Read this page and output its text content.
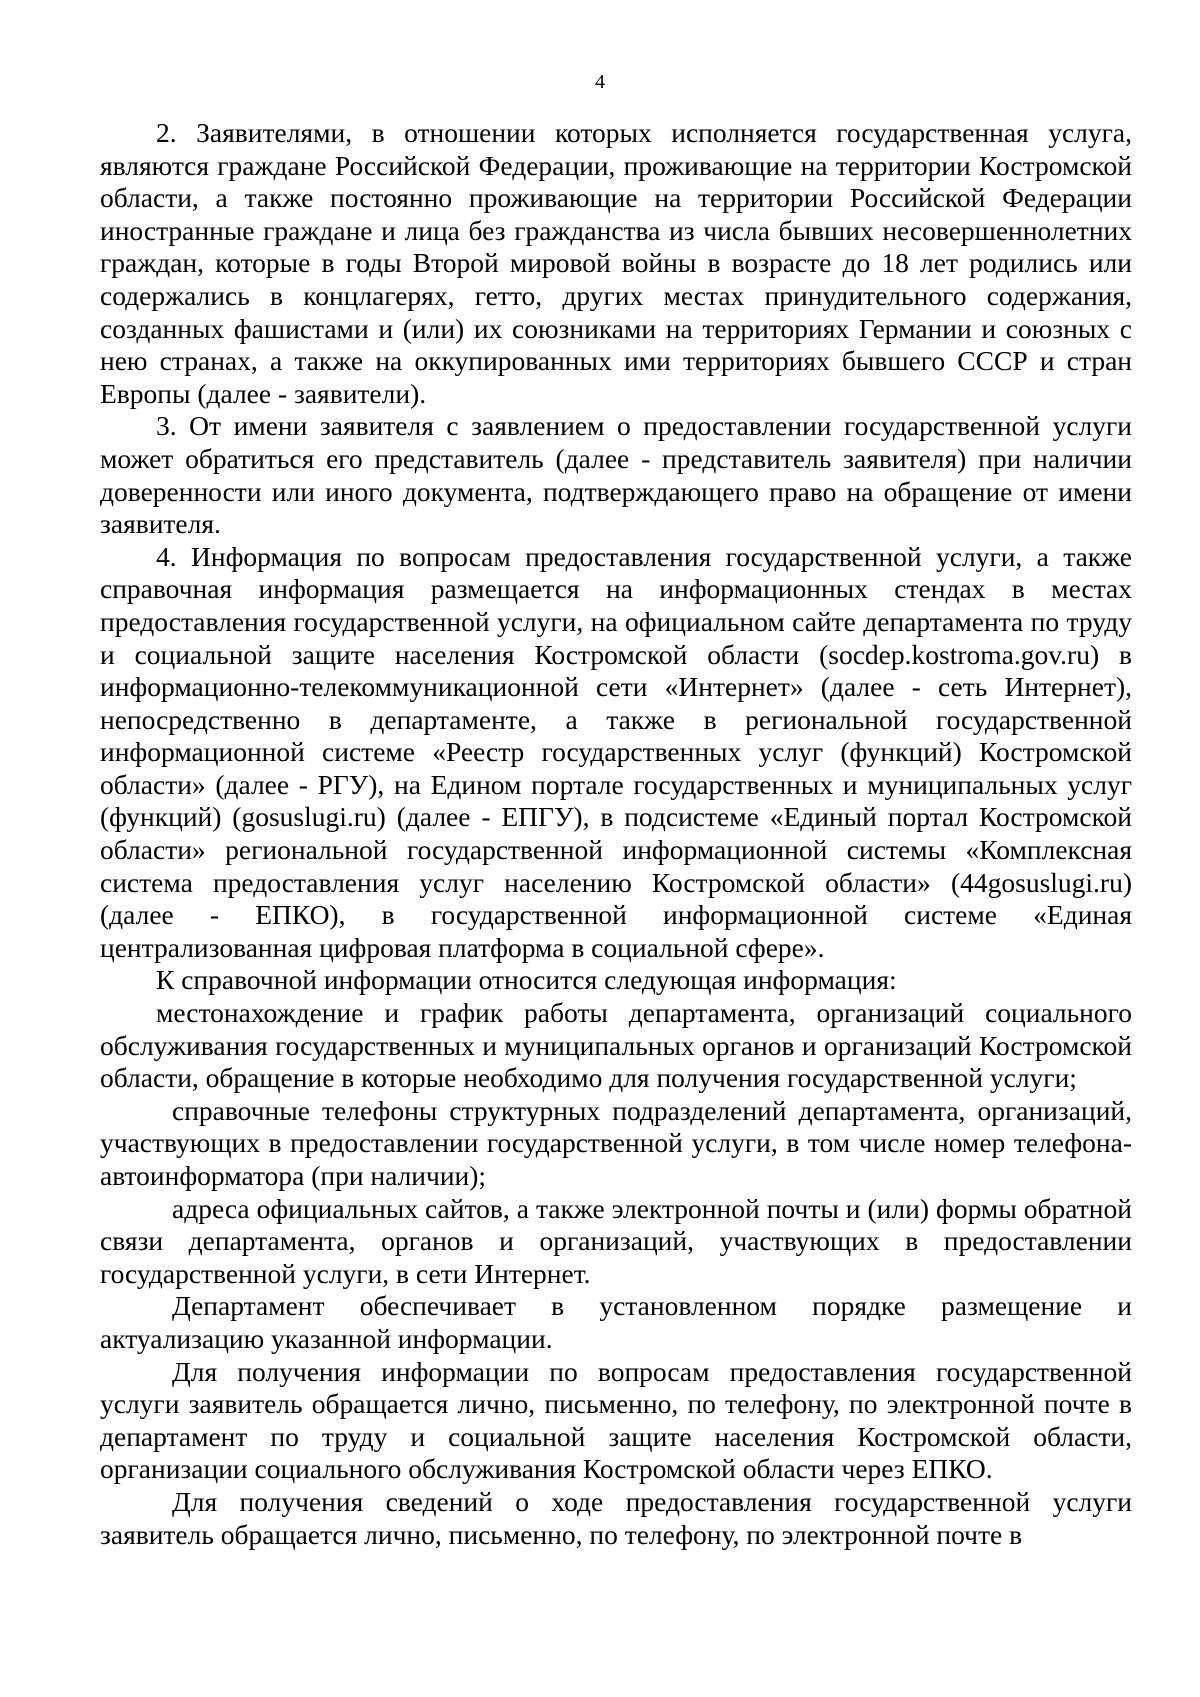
4

2. Заявителями, в отношении которых исполняется государственная услуга, являются граждане Российской Федерации, проживающие на территории Костромской области, а также постоянно проживающие на территории Российской Федерации иностранные граждане и лица без гражданства из числа бывших несовершеннолетних граждан, которые в годы Второй мировой войны в возрасте до 18 лет родились или содержались в концлагерях, гетто, других местах принудительного содержания, созданных фашистами и (или) их союзниками на территориях Германии и союзных с нею странах, а также на оккупированных ими территориях бывшего СССР и стран Европы (далее - заявители).

3. От имени заявителя с заявлением о предоставлении государственной услуги может обратиться его представитель (далее - представитель заявителя) при наличии доверенности или иного документа, подтверждающего право на обращение от имени заявителя.

4. Информация по вопросам предоставления государственной услуги, а также справочная информация размещается на информационных стендах в местах предоставления государственной услуги, на официальном сайте департамента по труду и социальной защите населения Костромской области (socdep.kostroma.gov.ru) в информационно-телекоммуникационной сети «Интернет» (далее - сеть Интернет), непосредственно в департаменте, а также в региональной государственной информационной системе «Реестр государственных услуг (функций) Костромской области» (далее - РГУ), на Едином портале государственных и муниципальных услуг (функций) (gosuslugi.ru) (далее - ЕПГУ), в подсистеме «Единый портал Костромской области» региональной государственной информационной системы «Комплексная система предоставления услуг населению Костромской области» (44gosuslugi.ru) (далее - ЕПКО), в государственной информационной системе «Единая централизованная цифровая платформа в социальной сфере».

К справочной информации относится следующая информация:

местонахождение и график работы департамента, организаций социального обслуживания государственных и муниципальных органов и организаций Костромской области, обращение в которые необходимо для получения государственной услуги;

справочные телефоны структурных подразделений департамента, организаций, участвующих в предоставлении государственной услуги, в том числе номер телефона-автоинформатора (при наличии);

адреса официальных сайтов, а также электронной почты и (или) формы обратной связи департамента, органов и организаций, участвующих в предоставлении государственной услуги, в сети Интернет.

Департамент обеспечивает в установленном порядке размещение и актуализацию указанной информации.

Для получения информации по вопросам предоставления государственной услуги заявитель обращается лично, письменно, по телефону, по электронной почте в департамент по труду и социальной защите населения Костромской области, организации социального обслуживания Костромской области через ЕПКО.

Для получения сведений о ходе предоставления государственной услуги заявитель обращается лично, письменно, по телефону, по электронной почте в
